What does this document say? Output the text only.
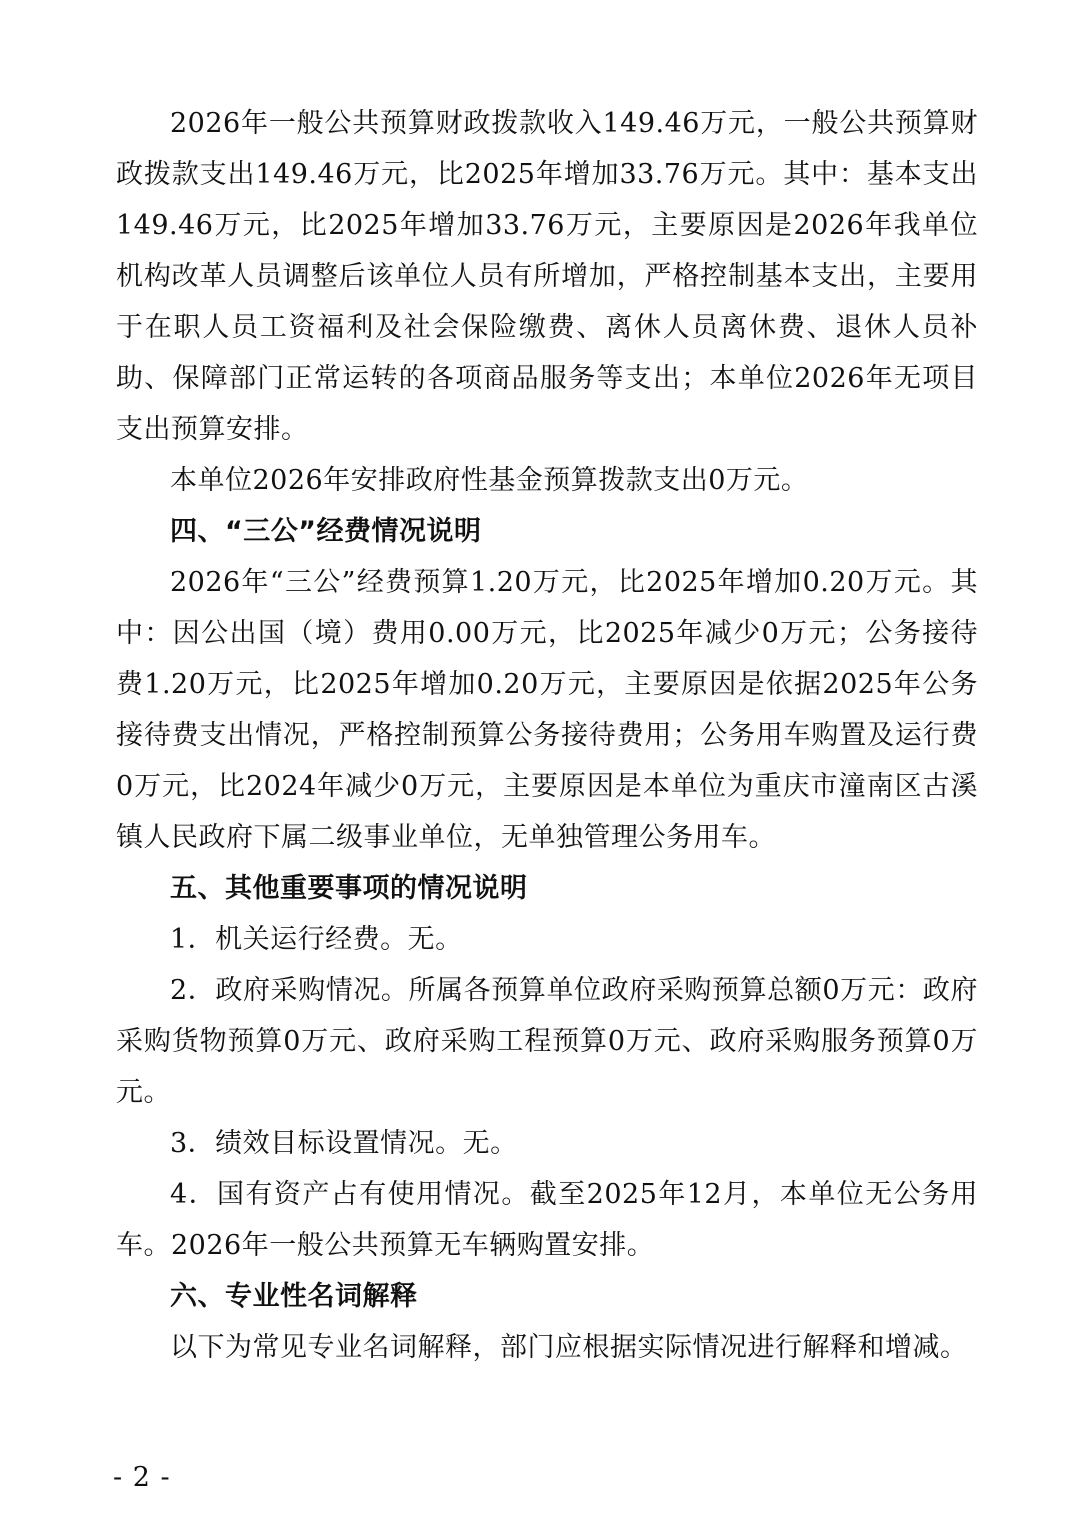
2026年一般公共预算财政拨款收入149.46万元，一般公共预算财政拨款支出149.46万元，比2025年增加33.76万元。其中：基本支出149.46万元，比2025年增加33.76万元，主要原因是2026年我单位机构改革人员调整后该单位人员有所增加，严格控制基本支出，主要用于在职人员工资福利及社会保险缴费、离休人员离休费、退休人员补助、保障部门正常运转的各项商品服务等支出；本单位2026年无项目支出预算安排。

本单位2026年安排政府性基金预算拨款支出0万元。

四、“三公”经费情况说明

2026年“三公”经费预算1.20万元，比2025年增加0.20万元。其中：因公出国（境）费用0.00万元，比2025年减少0万元；公务接待费1.20万元，比2025年增加0.20万元，主要原因是依据2025年公务接待费支出情况，严格控制预算公务接待费用；公务用车购置及运行费0万元，比2024年减少0万元，主要原因是本单位为重庆市潼南区古溪镇人民政府下属二级事业单位，无单独管理公务用车。

五、其他重要事项的情况说明

1．机关运行经费。无。

2．政府采购情况。所属各预算单位政府采购预算总额0万元：政府采购货物预算0万元、政府采购工程预算0万元、政府采购服务预算0万元。

3．绩效目标设置情况。无。

4．国有资产占有使用情况。截至2025年12月，本单位无公务用车。2026年一般公共预算无车辆购置安排。

六、专业性名词解释

以下为常见专业名词解释，部门应根据实际情况进行解释和增减。

- 2 -
